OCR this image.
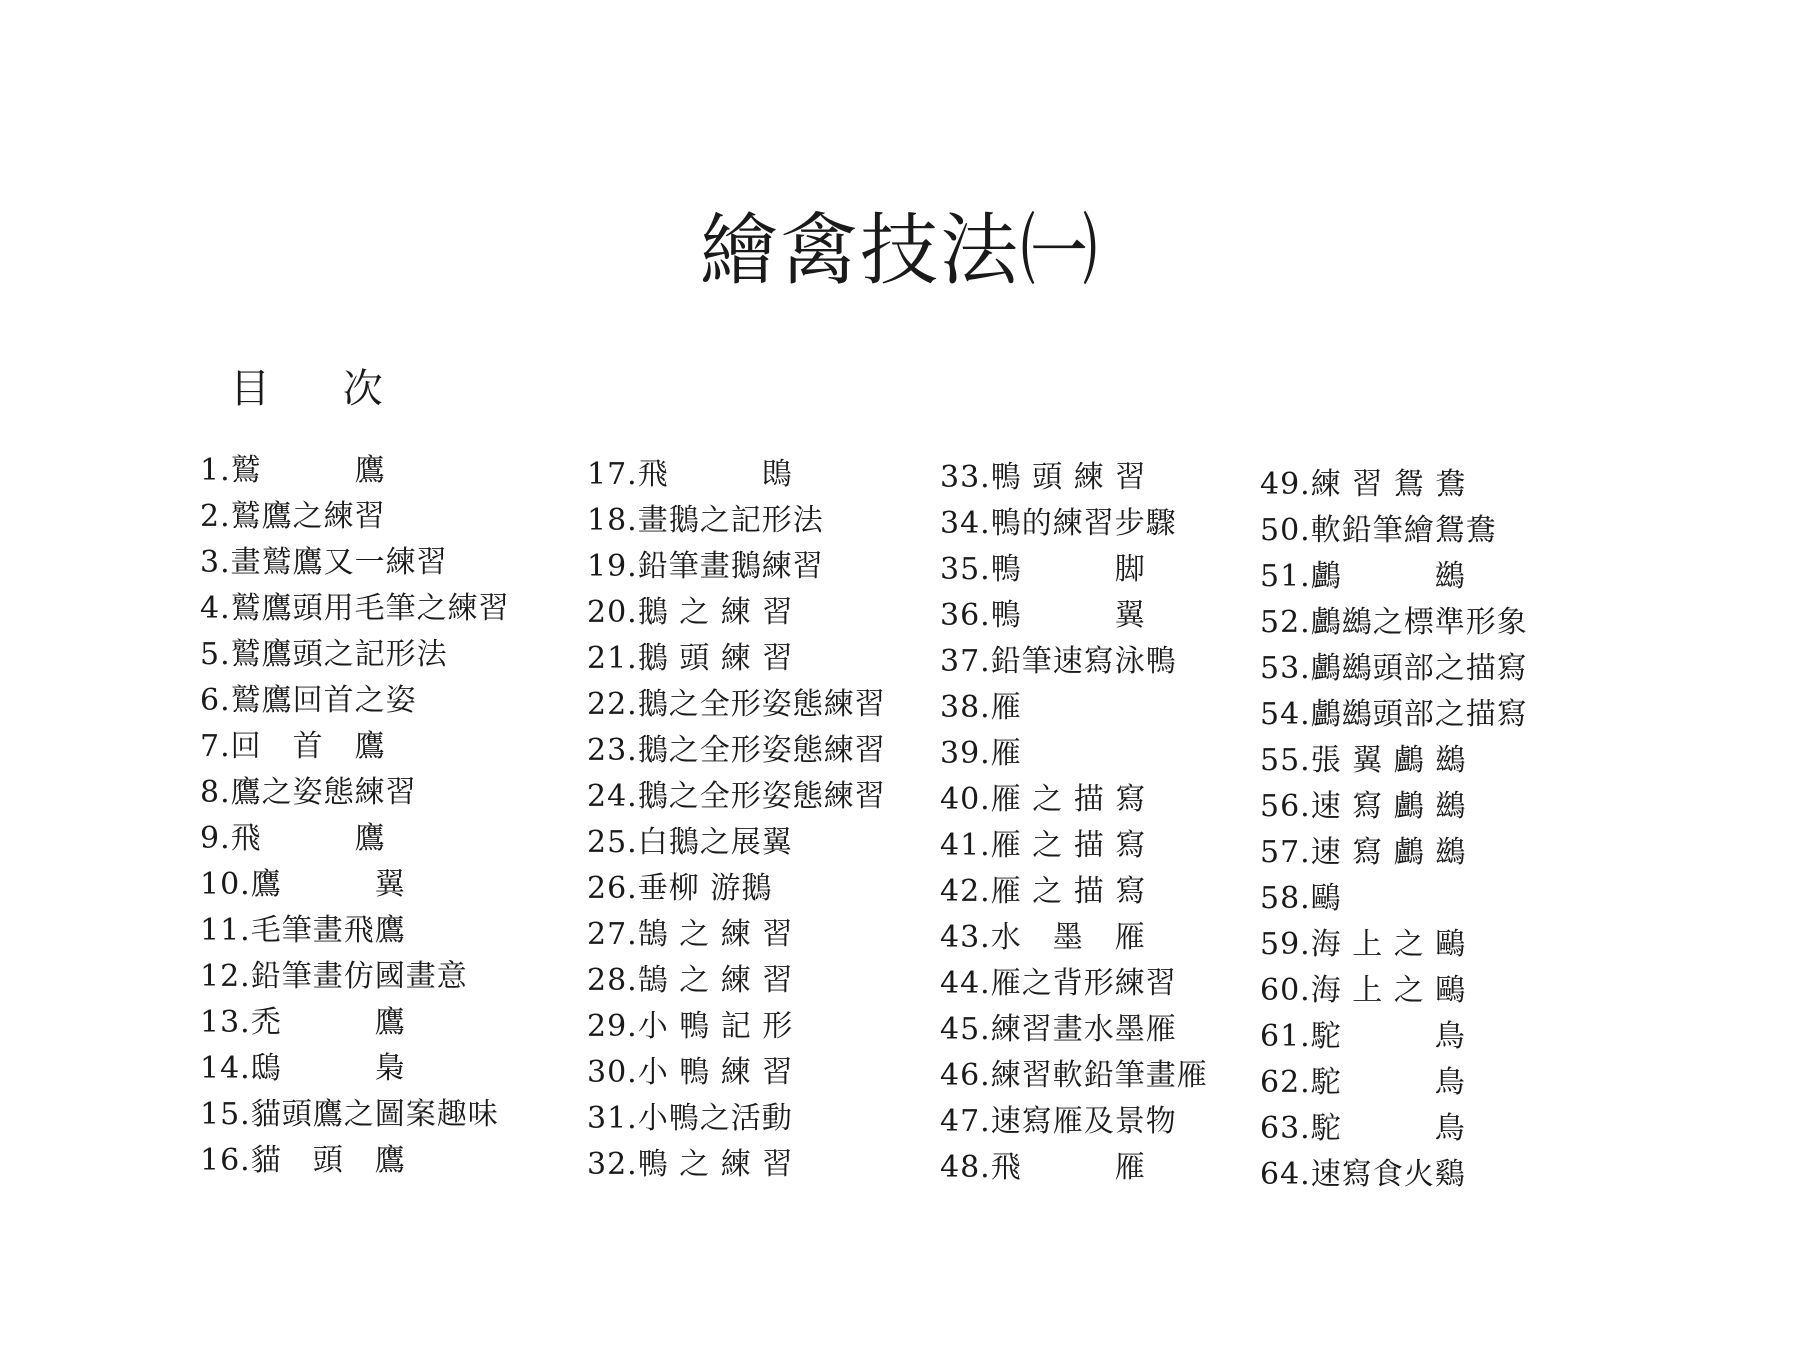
繪禽技法㈠
目 次
1.鷲　　　鷹
2.鷲鷹之練習
3.畫鷲鷹又一練習
4.鷲鷹頭用毛筆之練習
5.鷲鷹頭之記形法
6.鷲鷹回首之姿
7.回　首　鷹
8.鷹之姿態練習
9.飛　　　鷹
10.鷹　　　翼
11.毛筆畫飛鷹
12.鉛筆畫仿國畫意
13.禿　　　鷹
14.鴟　　　梟
15.貓頭鷹之圖案趣味
16.貓　頭　鷹
17.飛　　　鵖
18.畫鵝之記形法
19.鉛筆畫鵝練習
20.鵝 之 練 習
21.鵝 頭 練 習
22.鵝之全形姿態練習
23.鵝之全形姿態練習
24.鵝之全形姿態練習
25.白鵝之展翼
26.垂柳 游鵝
27.鵠 之 練 習
28.鵠 之 練 習
29.小 鴨 記 形
30.小 鴨 練 習
31.小鴨之活動
32.鴨 之 練 習
33.鴨 頭 練 習
34.鴨的練習步驟
35.鴨　　　脚
36.鴨　　　翼
37.鉛筆速寫泳鴨
38.雁
39.雁
40.雁 之 描 寫
41.雁 之 描 寫
42.雁 之 描 寫
43.水　墨　雁
44.雁之背形練習
45.練習畫水墨雁
46.練習軟鉛筆畫雁
47.速寫雁及景物
48.飛　　　雁
49.練 習 鴛 鴦
50.軟鉛筆繪鴛鴦
51.鸕　　　鷀
52.鸕鷀之標準形象
53.鸕鷀頭部之描寫
54.鸕鷀頭部之描寫
55.張 翼 鸕 鷀
56.速 寫 鸕 鷀
57.速 寫 鸕 鷀
58.鷗
59.海 上 之 鷗
60.海 上 之 鷗
61.駝　　　鳥
62.駝　　　鳥
63.駝　　　鳥
64.速寫食火鷄
